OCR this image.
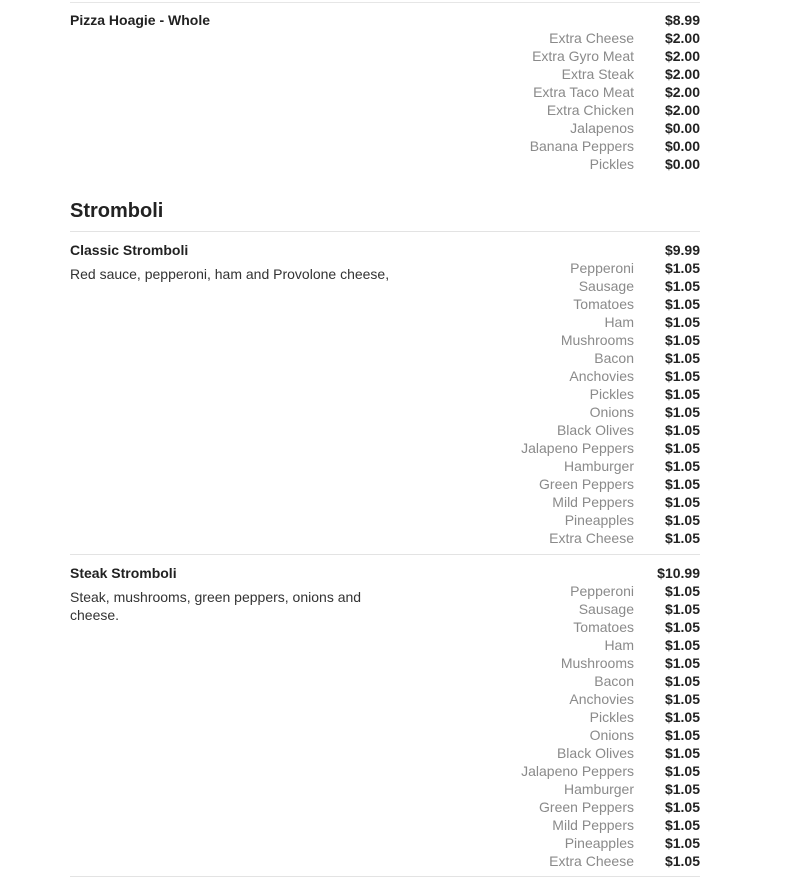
Pizza Hoagie - Whole	$8.99
Extra Cheese	$2.00
Extra Gyro Meat	$2.00
Extra Steak	$2.00
Extra Taco Meat	$2.00
Extra Chicken	$2.00
Jalapenos	$0.00
Banana Peppers	$0.00
Pickles	$0.00
Stromboli
Classic Stromboli	$9.99
Red sauce, pepperoni, ham and Provolone cheese,	Pepperoni	$1.05
Sausage	$1.05
Tomatoes	$1.05
Ham	$1.05
Mushrooms	$1.05
Bacon	$1.05
Anchovies	$1.05
Pickles	$1.05
Onions	$1.05
Black Olives	$1.05
Jalapeno Peppers	$1.05
Hamburger	$1.05
Green Peppers	$1.05
Mild Peppers	$1.05
Pineapples	$1.05
Extra Cheese	$1.05
Steak Stromboli	$10.99
Steak, mushrooms, green peppers, onions and cheese.
Pepperoni	$1.05
Sausage	$1.05
Tomatoes	$1.05
Ham	$1.05
Mushrooms	$1.05
Bacon	$1.05
Anchovies	$1.05
Pickles	$1.05
Onions	$1.05
Black Olives	$1.05
Jalapeno Peppers	$1.05
Hamburger	$1.05
Green Peppers	$1.05
Mild Peppers	$1.05
Pineapples	$1.05
Extra Cheese	$1.05
